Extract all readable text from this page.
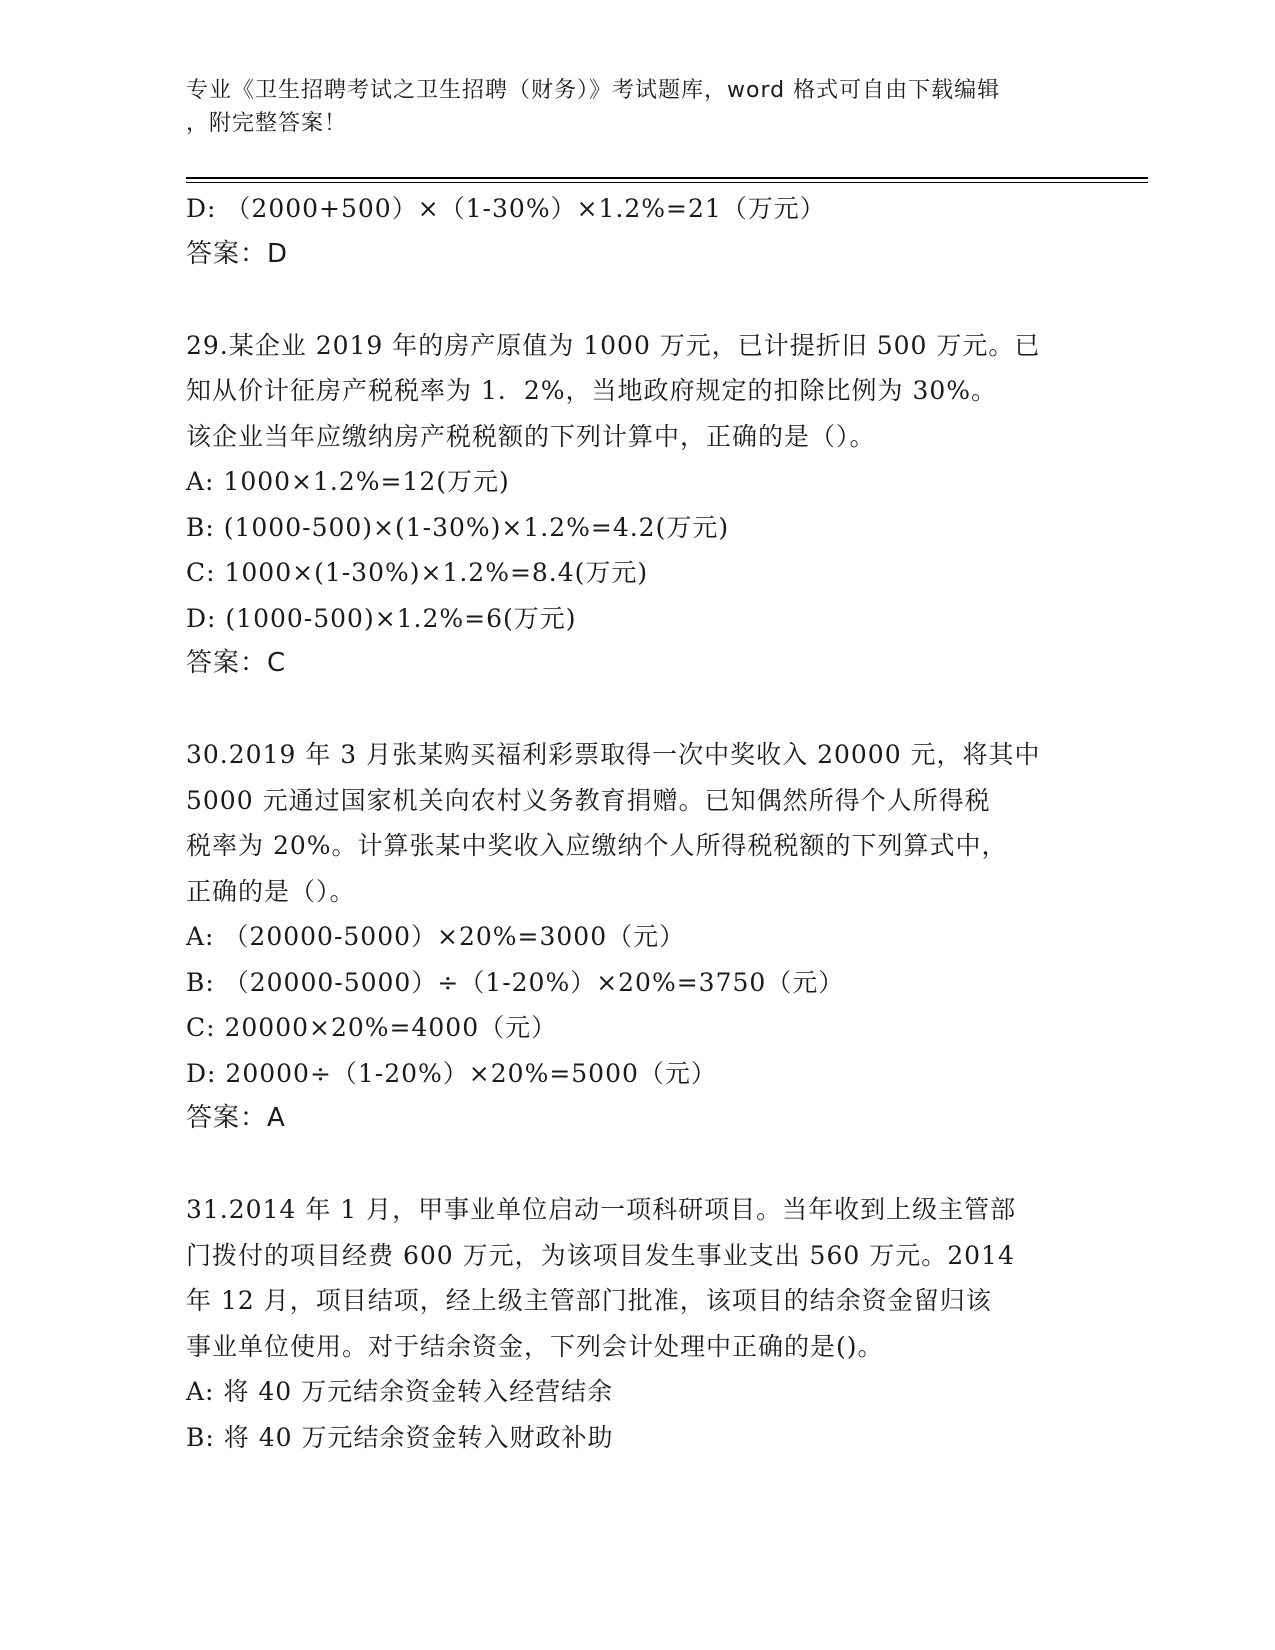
专业《卫生招聘考试之卫生招聘（财务）》考试题库，word 格式可自由下载编辑
，附完整答案！
D: （2000+500）×（1-30%）×1.2%=21（万元）
答案：D
29.某企业 2019 年的房产原值为 1000 万元，已计提折旧 500 万元。已
知从价计征房产税税率为 1．2%，当地政府规定的扣除比例为 30%。
该企业当年应缴纳房产税税额的下列计算中，正确的是（）。
A: 1000×1.2%=12(万元)
B: (1000-500)×(1-30%)×1.2%=4.2(万元)
C: 1000×(1-30%)×1.2%=8.4(万元)
D: (1000-500)×1.2%=6(万元)
答案：C
30.2019 年 3 月张某购买福利彩票取得一次中奖收入 20000 元，将其中
5000 元通过国家机关向农村义务教育捐赠。已知偶然所得个人所得税
税率为 20%。计算张某中奖收入应缴纳个人所得税税额的下列算式中，
正确的是（）。
A: （20000-5000）×20%=3000（元）
B: （20000-5000）÷（1-20%）×20%=3750（元）
C: 20000×20%=4000（元）
D: 20000÷（1-20%）×20%=5000（元）
答案：A
31.2014 年 1 月，甲事业单位启动一项科研项目。当年收到上级主管部
门拨付的项目经费 600 万元，为该项目发生事业支出 560 万元。2014
年 12 月，项目结项，经上级主管部门批准，该项目的结余资金留归该
事业单位使用。对于结余资金，下列会计处理中正确的是()。
A: 将 40 万元结余资金转入经营结余
B: 将 40 万元结余资金转入财政补助
